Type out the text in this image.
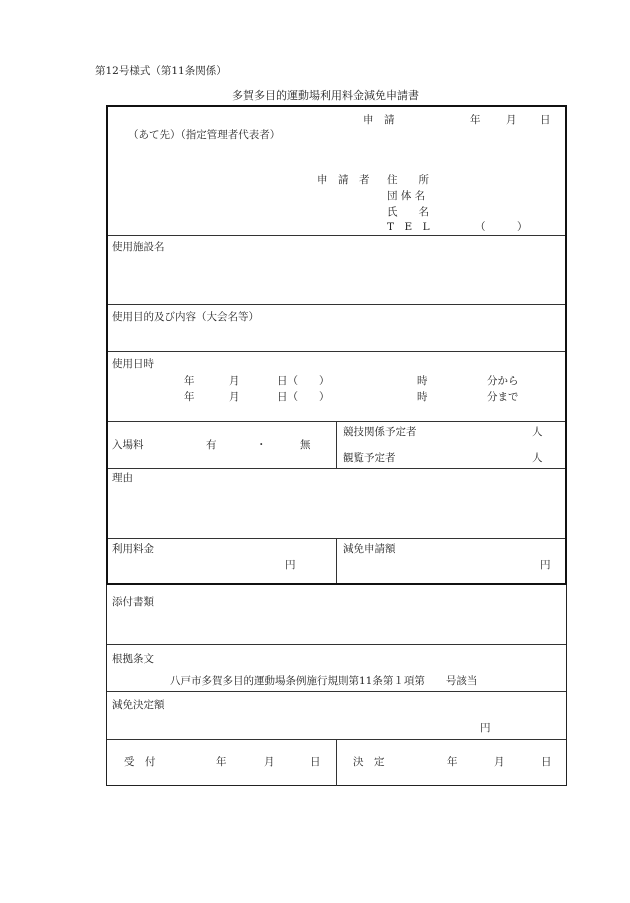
第12号様式（第11条関係）
多賀多目的運動場利用料金減免申請書
申　請	年 月 日
（あて先）（指定管理者代表者）
申　請　者 住　　所
団 体 名
氏　　名
T　E　L	（　　　）
使用施設名
使用目的及び内容（大会名等）
使用日時
年	月	日（　　）	時	分から
年	月	日（　　）	時	分まで
入場料	有	・	無
競技関係予定者	人
観覧予定者	人
理由
利用料金
円
減免申請額
円
添付書類
根拠条文
八戸市多賀多目的運動場条例施行規則第11条第１項第　　号該当
減免決定額
円
受　付	年	月	日	決　定	年	月	日
